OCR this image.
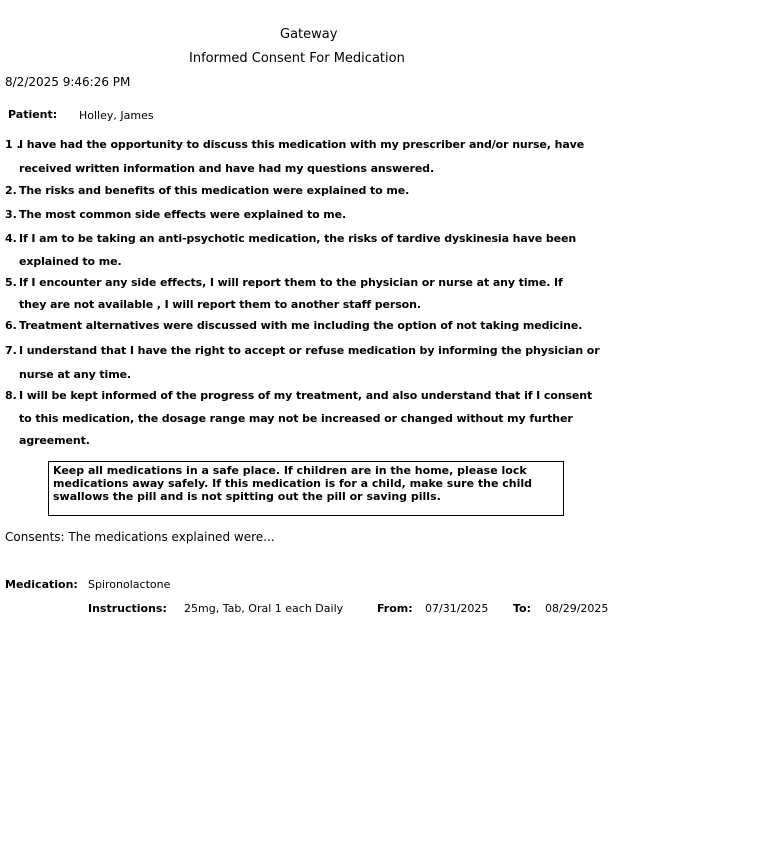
Gateway
Informed Consent For Medication
8/2/2025 9:46:26 PM
Patient: Holley, James
1 .
I have had the opportunity to discuss this medication with my prescriber and/or nurse, have
received written information and have had my questions answered.
2. The risks and benefits of this medication were explained to me.
3. The most common side effects were explained to me.
4. If I am to be taking an anti-psychotic medication, the risks of tardive dyskinesia have been
explained to me.
5. If I encounter any side effects, I will report them to the physician or nurse at any time. If
they are not available , I will report them to another staff person.
6. Treatment alternatives were discussed with me including the option of not taking medicine.
7. I understand that I have the right to accept or refuse medication by informing the physician or
nurse at any time.
8. I will be kept informed of the progress of my treatment, and also understand that if I consent
to this medication, the dosage range may not be increased or changed without my further
agreement.
Keep all medications in a safe place. If children are in the home, please lock
medications away safely. If this medication is for a child, make sure the child
swallows the pill and is not spitting out the pill or saving pills.
Consents: The medications explained were...
Medication: Spironolactone
Instructions: 25mg, Tab, Oral 1 each Daily	From: 07/31/2025 To: 08/29/2025
